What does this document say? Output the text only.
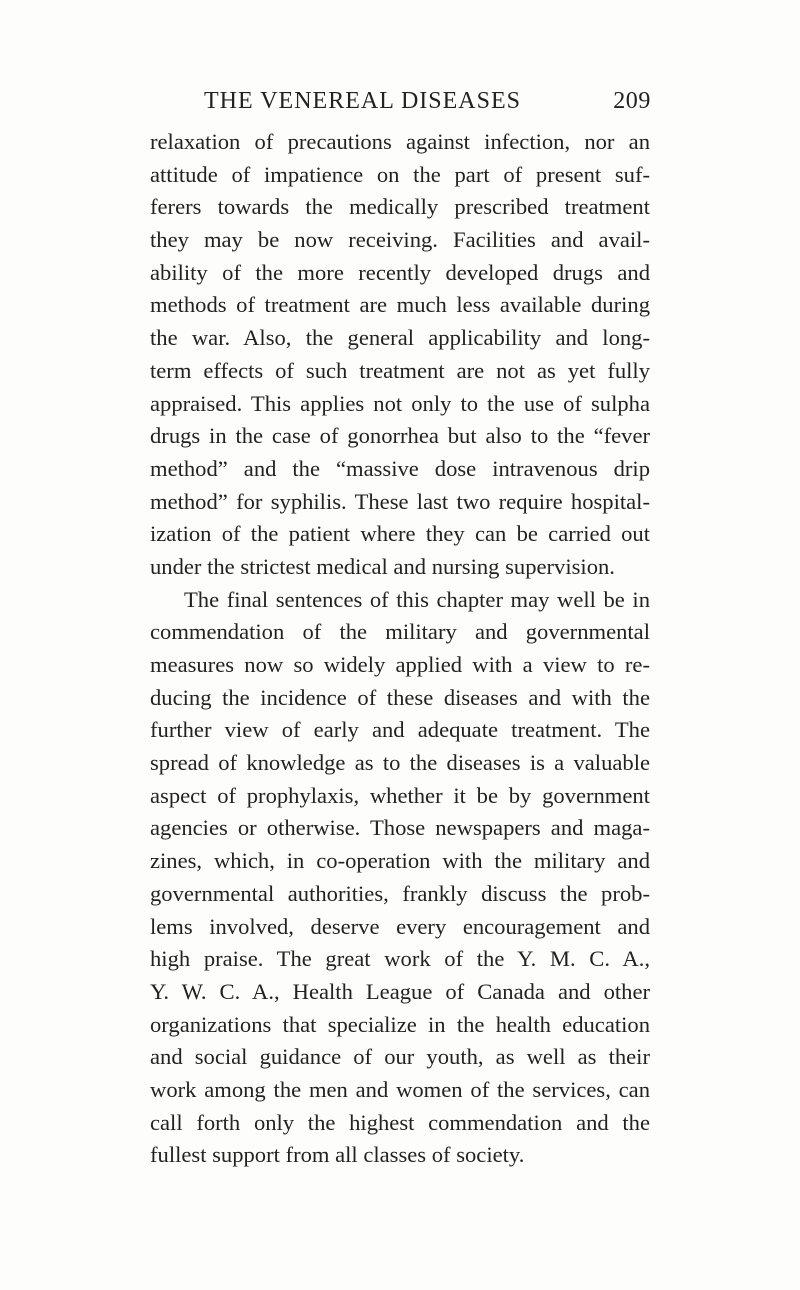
THE VENEREAL DISEASES	209
relaxation of precautions against infection, nor an
attitude of impatience on the part of present suf-
ferers towards the medically prescribed treatment
they may be now receiving. Facilities and avail-
ability of the more recently developed drugs and
methods of treatment are much less available during
the war. Also, the general applicability and long-
term effects of such treatment are not as yet fully
appraised. This applies not only to the use of sulpha
drugs in the case of gonorrhea but also to the “fever
method” and the “massive dose intravenous drip
method” for syphilis. These last two require hospital-
ization of the patient where they can be carried out
under the strictest medical and nursing supervision.
The final sentences of this chapter may well be in
commendation of the military and governmental
measures now so widely applied with a view to re-
ducing the incidence of these diseases and with the
further view of early and adequate treatment. The
spread of knowledge as to the diseases is a valuable
aspect of prophylaxis, whether it be by government
agencies or otherwise. Those newspapers and maga-
zines, which, in co-operation with the military and
governmental authorities, frankly discuss the prob-
lems involved, deserve every encouragement and
high praise. The great work of the Y. M. C. A.,
Y. W. C. A., Health League of Canada and other
organizations that specialize in the health education
and social guidance of our youth, as well as their
work among the men and women of the services, can
call forth only the highest commendation and the
fullest support from all classes of society.
